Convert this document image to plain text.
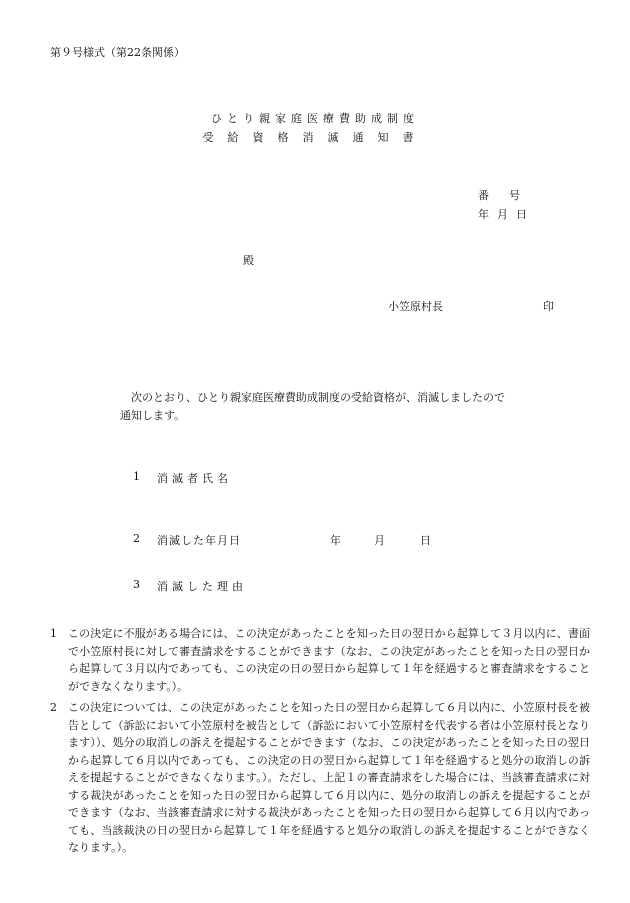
第９号様式（第22条関係）

ひとり親家庭医療費助成制度

受給資格消滅通知書

番号

年月日

殿

小笠原村長	印

次のとおり、ひとり親家庭医療費助成制度の受給資格が、消滅しましたので
通知します。

1 消滅者氏名

2 消滅した年月日	年	月	日

3 消滅した理由

1	この決定に不服がある場合には、この決定があったことを知った日の翌日から起算して３月以内に、書面で小笠原村長に対して審査請求をすることができます（なお、この決定があったことを知った日の翌日から起算して３月以内であっても、この決定の日の翌日から起算して１年を経過すると審査請求をすることができなくなります。）。
2	この決定については、この決定があったことを知った日の翌日から起算して６月以内に、小笠原村長を被告として（訴訟において小笠原村を被告として（訴訟において小笠原村を代表する者は小笠原村長となります））、処分の取消しの訴えを提起することができます（なお、この決定があったことを知った日の翌日から起算して６月以内であっても、この決定の日の翌日から起算して１年を経過すると処分の取消しの訴えを提起することができなくなります。）。ただし、上記１の審査請求をした場合には、当該審査請求に対する裁決があったことを知った日の翌日から起算して６月以内に、処分の取消しの訴えを提起することができます（なお、当該審査請求に対する裁決があったことを知った日の翌日から起算して６月以内であっても、当該裁決の日の翌日から起算して１年を経過すると処分の取消しの訴えを提起することができなくなります。）。
